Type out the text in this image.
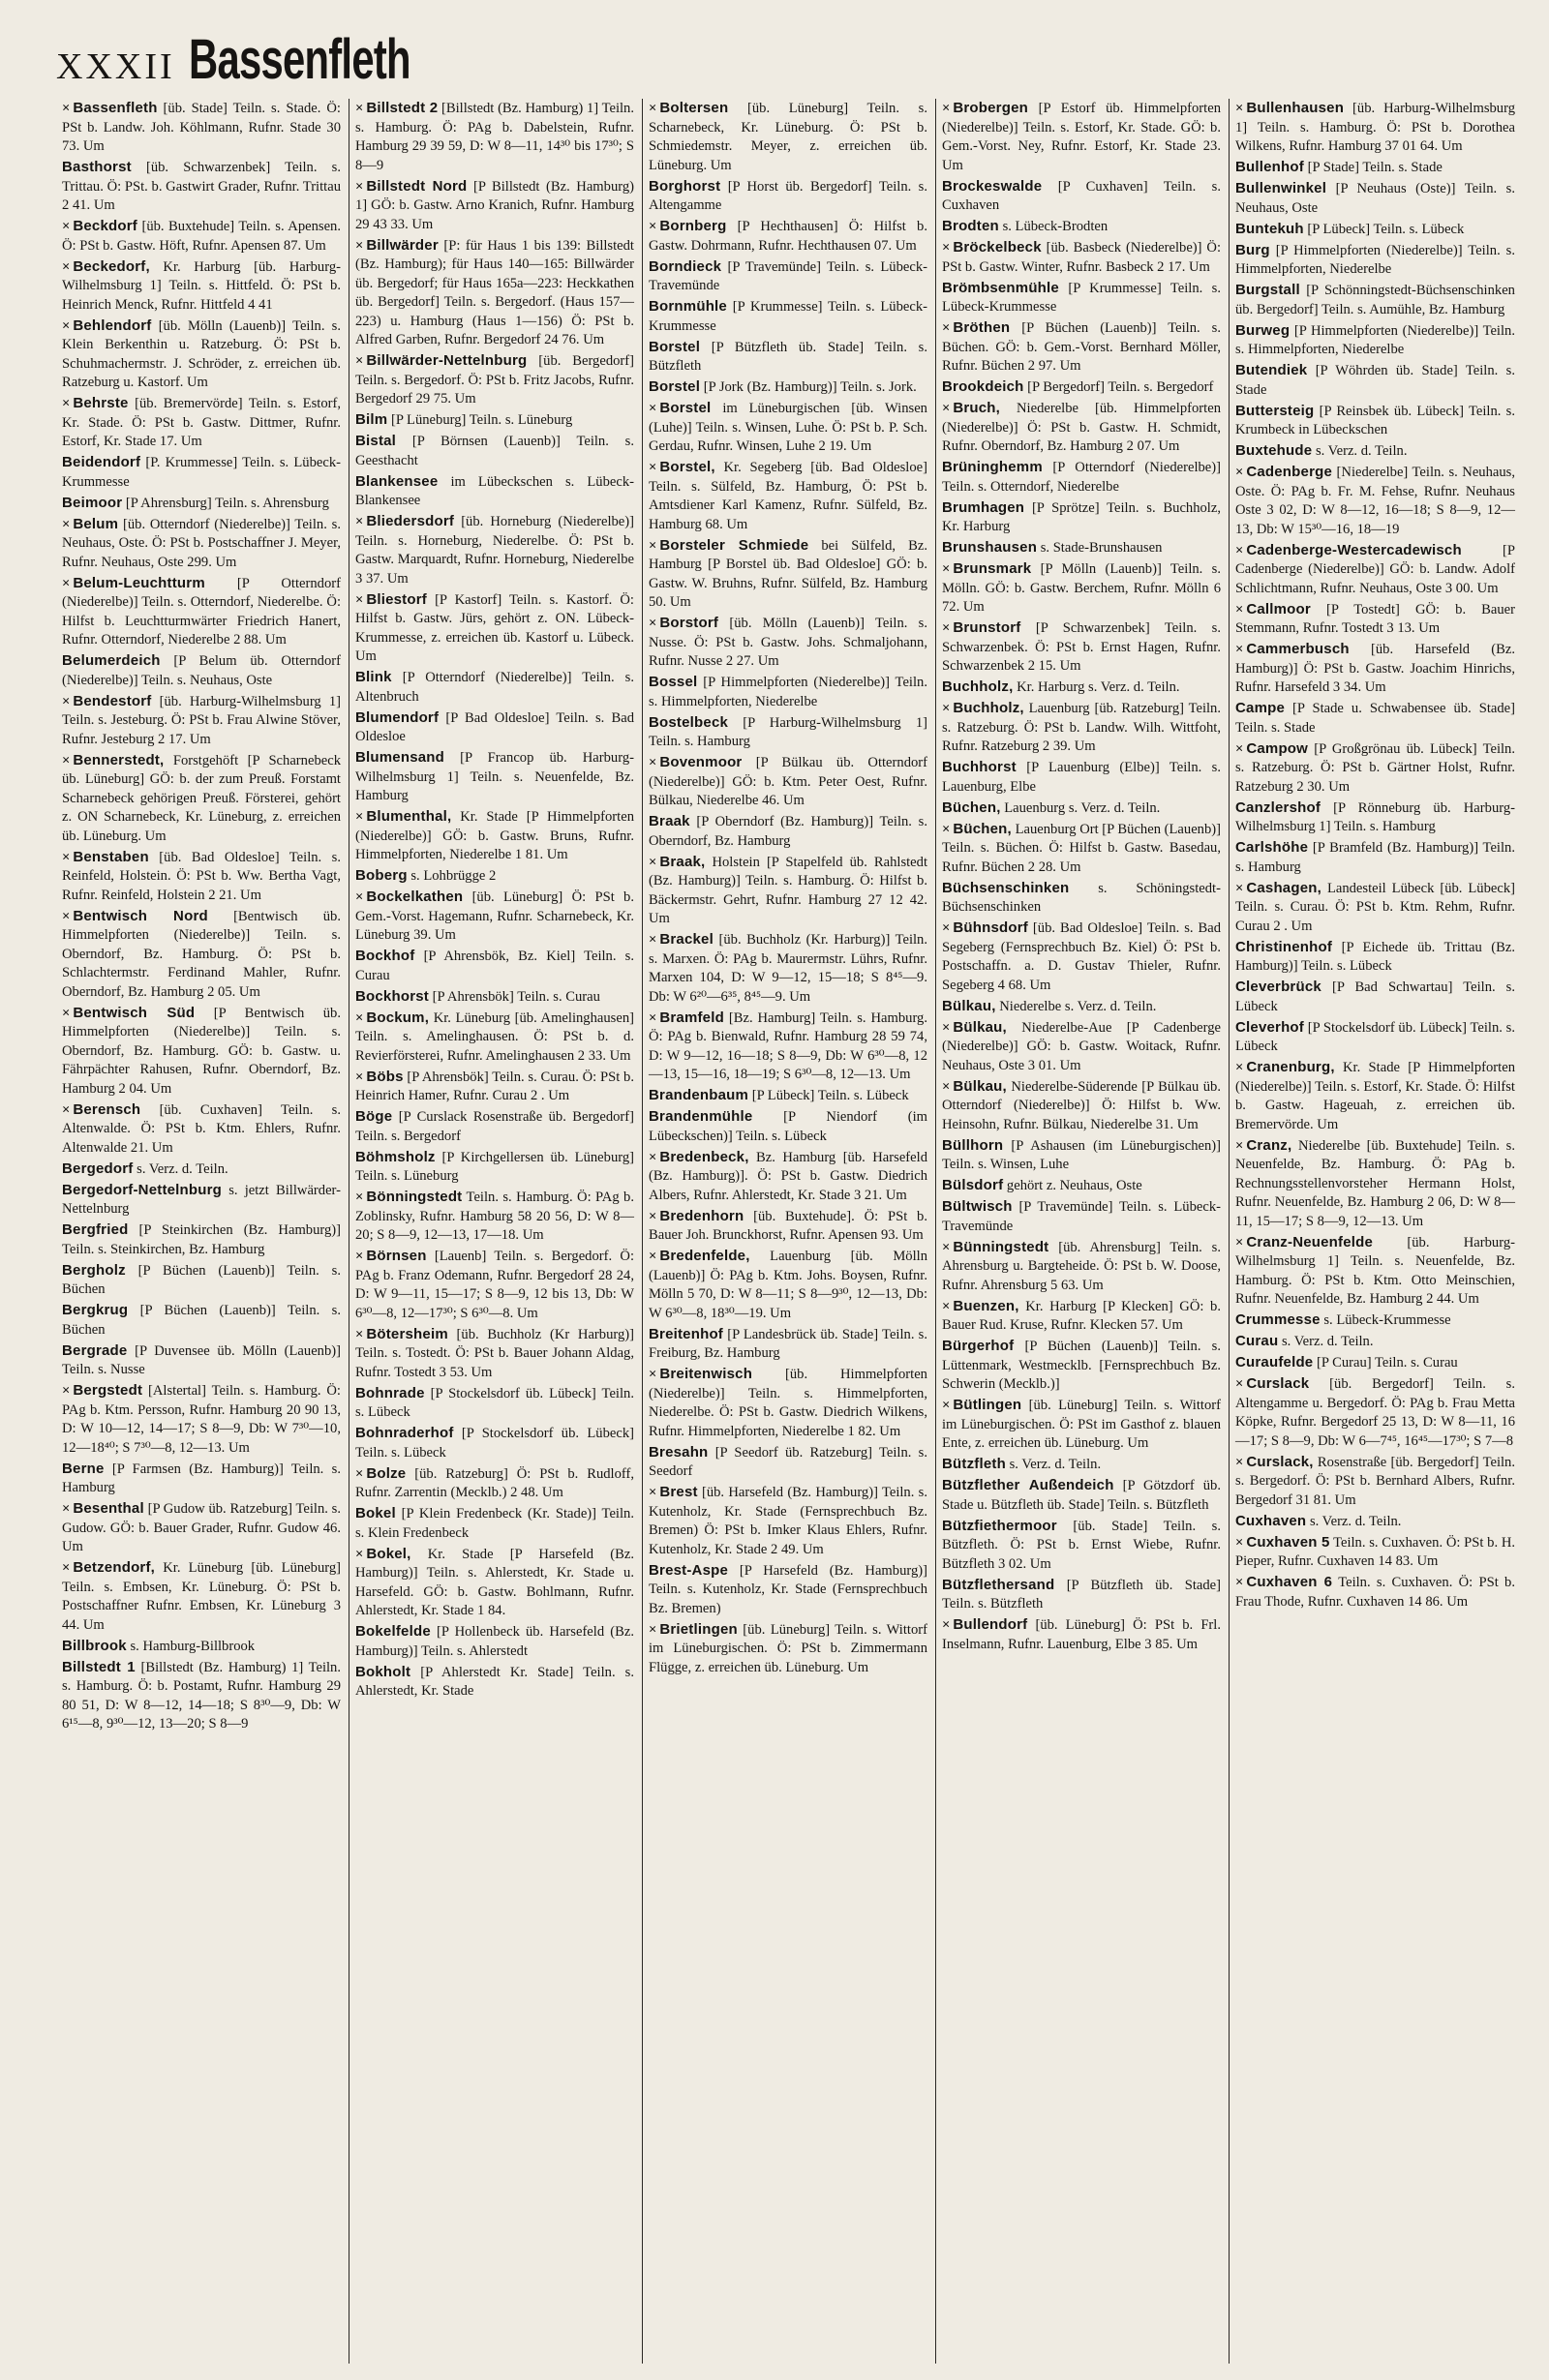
XXXII Bassenfleth
× Bassenfleth [üb. Stade] Teiln. s. Stade. Ö: PSt b. Landw. Joh. Köhlmann, Rufnr. Stade 30 73. Um
Basthorst [üb. Schwarzenbek] Teiln. s. Trittau. Ö: PSt. b. Gastwirt Grader, Rufnr. Trittau 2 41. Um
× Beckdorf [üb. Buxtehude] Teiln. s. Apensen. Ö: PSt b. Gastw. Höft, Rufnr. Apensen 87. Um
× Beckedorf, Kr. Harburg [üb. Harburg-Wilhelmsburg 1] Teiln. s. Hittfeld. Ö: PSt b. Heinrich Menck, Rufnr. Hittfeld 4 41
× Behlendorf [üb. Mölln (Lauenb)] Teiln. s. Klein Berkenthin u. Ratzeburg. Ö: PSt b. Schuhmachermstr. J. Schröder, z. erreichen üb. Ratzeburg u. Kastorf. Um
× Behrste [üb. Bremervörde] Teiln. s. Estorf, Kr. Stade. Ö: PSt b. Gastw. Dittmer, Rufnr. Estorf, Kr. Stade 17. Um
Beidendorf [P. Krummesse] Teiln. s. Lübeck-Krummesse
Beimoor [P Ahrensburg] Teiln. s. Ahrensburg
× Belum [üb. Otterndorf (Niederelbe)] Teiln. s. Neuhaus, Oste. Ö: PSt b. Postschaffner J. Meyer, Rufnr. Neuhaus, Oste 299. Um
× Belum-Leuchtturm [P Otterndorf (Niederelbe)] Teiln. s. Otterndorf, Niederelbe. Ö: Hilfst b. Leuchtturmwärter Friedrich Hanert, Rufnr. Otterndorf, Niederelbe 2 88. Um
Belumerdeich [P Belum üb. Otterndorf (Niederelbe)] Teiln. s. Neuhaus, Oste
× Bendestorf [üb. Harburg-Wilhelmsburg 1] Teiln. s. Jesteburg. Ö: PSt b. Frau Alwine Stöver, Rufnr. Jesteburg 2 17. Um
× Bennerstedt, Forstgehöft [P Scharnebeck üb. Lüneburg] GÖ: b. der zum Preuß. Forstamt Scharnebeck gehörigen Preuß. Försterei, gehört z. ON Scharnebeck, Kr. Lüneburg, z. erreichen üb. Lüneburg. Um
× Benstaben [üb. Bad Oldesloe] Teiln. s. Reinfeld, Holstein. Ö: PSt b. Ww. Bertha Vagt, Rufnr. Reinfeld, Holstein 2 21. Um
× Bentwisch Nord [Bentwisch üb. Himmelpforten (Niederelbe)] Teiln. s. Oberndorf, Bz. Hamburg. Ö: PSt b. Schlachtermstr. Ferdinand Mahler, Rufnr. Oberndorf, Bz. Hamburg 2 05. Um
× Bentwisch Süd [P Bentwisch üb. Himmelpforten (Niederelbe)] Teiln. s. Oberndorf, Bz. Hamburg. GÖ: b. Gastw. u. Fährpächter Rahusen, Rufnr. Oberndorf, Bz. Hamburg 2 04. Um
× Berensch [üb. Cuxhaven] Teiln. s. Altenwalde. Ö: PSt b. Ktm. Ehlers, Rufnr. Altenwalde 21. Um
Bergedorf s. Verz. d. Teiln.
Bergedorf-Nettelnburg s. jetzt Billwärder-Nettelnburg
Bergfried [P Steinkirchen (Bz. Hamburg)] Teiln. s. Steinkirchen, Bz. Hamburg
Bergholz [P Büchen (Lauenb)] Teiln. s. Büchen
Bergkrug [P Büchen (Lauenb)] Teiln. s. Büchen
Bergrade [P Duvensee üb. Mölln (Lauenb)] Teiln. s. Nusse
× Bergstedt [Alstertal] Teiln. s. Hamburg. Ö: PAg b. Ktm. Persson, Rufnr. Hamburg 20 90 13, D: W 10—12, 14—17; S 8—9, Db: W 7³⁰—10, 12—18⁴⁰; S 7³⁰—8, 12—13. Um
Berne [P Farmsen (Bz. Hamburg)] Teiln. s. Hamburg
× Besenthal [P Gudow üb. Ratzeburg] Teiln. s. Gudow. GÖ: b. Bauer Grader, Rufnr. Gudow 46. Um
× Betzendorf, Kr. Lüneburg [üb. Lüneburg] Teiln. s. Embsen, Kr. Lüneburg. Ö: PSt b. Postschaffner Rufnr. Embsen, Kr. Lüneburg 3 44. Um
Billbrook s. Hamburg-Billbrook
Billstedt 1 [Billstedt (Bz. Hamburg) 1] Teiln. s. Hamburg. Ö: b. Postamt, Rufnr. Hamburg 29 80 51, D: W 8—12, 14—18; S 8³⁰—9, Db: W 6¹⁵—8, 9³⁰—12, 13—20; S 8—9
× Billstedt 2 [Billstedt (Bz. Hamburg) 1] Teiln. s. Hamburg. Ö: PAg b. Dabelstein, Rufnr. Hamburg 29 39 59, D: W 8—11, 14³⁰ bis 17³⁰; S 8—9
× Billstedt Nord [P Billstedt (Bz. Hamburg) 1] GÖ: b. Gastw. Arno Kranich, Rufnr. Hamburg 29 43 33. Um
× Billwärder [P: für Haus 1 bis 139: Billstedt (Bz. Hamburg); für Haus 140—165: Billwärder üb. Bergedorf; für Haus 165a—223: Heckkathen üb. Bergedorf] Teiln. s. Bergedorf. (Haus 157—223) u. Hamburg (Haus 1—156) Ö: PSt b. Alfred Garben, Rufnr. Bergedorf 24 76. Um
× Billwärder-Nettelnburg [üb. Bergedorf] Teiln. s. Bergedorf. Ö: PSt b. Fritz Jacobs, Rufnr. Bergedorf 29 75. Um
Bilm [P Lüneburg] Teiln. s. Lüneburg
Bistal [P Börnsen (Lauenb)] Teiln. s. Geesthacht
Blankensee im Lübeckschen s. Lübeck-Blankensee
× Bliedersdorf [üb. Horneburg (Niederelbe)] Teiln. s. Horneburg, Niederelbe. Ö: PSt b. Gastw. Marquardt, Rufnr. Horneburg, Niederelbe 3 37. Um
× Bliestorf [P Kastorf] Teiln. s. Kastorf. Ö: Hilfst b. Gastw. Jürs, gehört z. ON. Lübeck-Krummesse, z. erreichen üb. Kastorf u. Lübeck. Um
Blink [P Otterndorf (Niederelbe)] Teiln. s. Altenbruch
Blumendorf [P Bad Oldesloe] Teiln. s. Bad Oldesloe
Blumensand [P Francop üb. Harburg-Wilhelmsburg 1] Teiln. s. Neuenfelde, Bz. Hamburg
× Blumenthal, Kr. Stade [P Himmelpforten (Niederelbe)] GÖ: b. Gastw. Bruns, Rufnr. Himmelpforten, Niederelbe 1 81. Um
Boberg s. Lohbrügge 2
× Bockelkathen [üb. Lüneburg] Ö: PSt b. Gem.-Vorst. Hagemann, Rufnr. Scharnebeck, Kr. Lüneburg 39. Um
Bockhof [P Ahrensbök, Bz. Kiel] Teiln. s. Curau
Bockhorst [P Ahrensbök] Teiln. s. Curau
× Bockum, Kr. Lüneburg [üb. Amelinghausen] Teiln. s. Amelinghausen. Ö: PSt b. d. Revierförsterei, Rufnr. Amelinghausen 2 33. Um
× Böbs [P Ahrensbök] Teiln. s. Curau. Ö: PSt b. Heinrich Hamer, Rufnr. Curau 2 . Um
Böge [P Curslack Rosenstraße üb. Bergedorf] Teiln. s. Bergedorf
Böhmsholz [P Kirchgellersen üb. Lüneburg] Teiln. s. Lüneburg
× Bönningstedt Teiln. s. Hamburg. Ö: PAg b. Zoblinsky, Rufnr. Hamburg 58 20 56, D: W 8—20; S 8—9, 12—13, 17—18. Um
× Börnsen [Lauenb] Teiln. s. Bergedorf. Ö: PAg b. Franz Odemann, Rufnr. Bergedorf 28 24, D: W 9—11, 15—17; S 8—9, 12 bis 13, Db: W 6³⁰—8, 12—17³⁰; S 6³⁰—8. Um
× Bötersheim [üb. Buchholz (Kr Harburg)] Teiln. s. Tostedt. Ö: PSt b. Bauer Johann Aldag, Rufnr. Tostedt 3 53. Um
Bohnrade [P Stockelsdorf üb. Lübeck] Teiln. s. Lübeck
Bohnraderhof [P Stockelsdorf üb. Lübeck] Teiln. s. Lübeck
× Bolze [üb. Ratzeburg] Ö: PSt b. Rudloff, Rufnr. Zarrentin (Mecklb.) 2 48. Um
Bokel [P Klein Fredenbeck (Kr. Stade)] Teiln. s. Klein Fredenbeck
× Bokel, Kr. Stade [P Harsefeld (Bz. Hamburg)] Teiln. s. Ahlerstedt, Kr. Stade u. Harsefeld. GÖ: b. Gastw. Bohlmann, Rufnr. Ahlerstedt, Kr. Stade 1 84.
Bokelfelde [P Hollenbeck üb. Harsefeld (Bz. Hamburg)] Teiln. s. Ahlerstedt
Bokholt [P Ahlerstedt Kr. Stade] Teiln. s. Ahlerstedt, Kr. Stade
× Boltersen [üb. Lüneburg] Teiln. s. Scharnebeck, Kr. Lüneburg. Ö: PSt b. Schmiedemstr. Meyer, z. erreichen üb. Lüneburg. Um
Borghorst [P Horst üb. Bergedorf] Teiln. s. Altengamme
× Bornberg [P Hechthausen] Ö: Hilfst b. Gastw. Dohrmann, Rufnr. Hechthausen 07. Um
Borndieck [P Travemünde] Teiln. s. Lübeck-Travemünde
Bornmühle [P Krummesse] Teiln. s. Lübeck-Krummesse
Borstel [P Bützfleth üb. Stade] Teiln. s. Bützfleth
Borstel [P Jork (Bz. Hamburg)] Teiln. s. Jork.
× Borstel im Lüneburgischen [üb. Winsen (Luhe)] Teiln. s. Winsen, Luhe. Ö: PSt b. P. Sch. Gerdau, Rufnr. Winsen, Luhe 2 19. Um
× Borstel, Kr. Segeberg [üb. Bad Oldesloe] Teiln. s. Sülfeld, Bz. Hamburg, Ö: PSt b. Amtsdiener Karl Kamenz, Rufnr. Sülfeld, Bz. Hamburg 68. Um
× Borsteler Schmiede bei Sülfeld, Bz. Hamburg [P Borstel üb. Bad Oldesloe] GÖ: b. Gastw. W. Bruhns, Rufnr. Sülfeld, Bz. Hamburg 50. Um
× Borstorf [üb. Mölln (Lauenb)] Teiln. s. Nusse. Ö: PSt b. Gastw. Johs. Schmaljohann, Rufnr. Nusse 2 27. Um
Bossel [P Himmelpforten (Niederelbe)] Teiln. s. Himmelpforten, Niederelbe
Bostelbeck [P Harburg-Wilhelmsburg 1] Teiln. s. Hamburg
× Bovenmoor [P Bülkau üb. Otterndorf (Niederelbe)] GÖ: b. Ktm. Peter Oest, Rufnr. Bülkau, Niederelbe 46. Um
Braak [P Oberndorf (Bz. Hamburg)] Teiln. s. Oberndorf, Bz. Hamburg
× Braak, Holstein [P Stapelfeld üb. Rahlstedt (Bz. Hamburg)] Teiln. s. Hamburg. Ö: Hilfst b. Bäckermstr. Gehrt, Rufnr. Hamburg 27 12 42. Um
× Brackel [üb. Buchholz (Kr. Harburg)] Teiln. s. Marxen. Ö: PAg b. Maurermstr. Lührs, Rufnr. Marxen 104, D: W 9—12, 15—18; S 8⁴⁵—9. Db: W 6²⁰—6³⁵, 8⁴⁵—9. Um
× Bramfeld [Bz. Hamburg] Teiln. s. Hamburg. Ö: PAg b. Bienwald, Rufnr. Hamburg 28 59 74, D: W 9—12, 16—18; S 8—9, Db: W 6³⁰—8, 12—13, 15—16, 18—19; S 6³⁰—8, 12—13. Um
Brandenbaum [P Lübeck] Teiln. s. Lübeck
Brandenmühle [P Niendorf (im Lübeckschen)] Teiln. s. Lübeck
× Bredenbeck, Bz. Hamburg [üb. Harsefeld (Bz. Hamburg)]. Ö: PSt b. Gastw. Diedrich Albers, Rufnr. Ahlerstedt, Kr. Stade 3 21. Um
× Bredenhorn [üb. Buxtehude]. Ö: PSt b. Bauer Joh. Brunckhorst, Rufnr. Apensen 93. Um
× Bredenfelde, Lauenburg [üb. Mölln (Lauenb)] Ö: PAg b. Ktm. Johs. Boysen, Rufnr. Mölln 5 70, D: W 8—11; S 8—9³⁰, 12—13, Db: W 6³⁰—8, 18³⁰—19. Um
Breitenhof [P Landesbrück üb. Stade] Teiln. s. Freiburg, Bz. Hamburg
× Breitenwisch [üb. Himmelpforten (Niederelbe)] Teiln. s. Himmelpforten, Niederelbe. Ö: PSt b. Gastw. Diedrich Wilkens, Rufnr. Himmelpforten, Niederelbe 1 82. Um
Bresahn [P Seedorf üb. Ratzeburg] Teiln. s. Seedorf
× Brest [üb. Harsefeld (Bz. Hamburg)] Teiln. s. Kutenholz, Kr. Stade (Fernsprechbuch Bz. Bremen) Ö: PSt b. Imker Klaus Ehlers, Rufnr. Kutenholz, Kr. Stade 2 49. Um
Brest-Aspe [P Harsefeld (Bz. Hamburg)] Teiln. s. Kutenholz, Kr. Stade (Fernsprechbuch Bz. Bremen)
× Brietlingen [üb. Lüneburg] Teiln. s. Wittorf im Lüneburgischen. Ö: PSt b. Zimmermann Flügge, z. erreichen üb. Lüneburg. Um
× Brobergen [P Estorf üb. Himmelpforten (Niederelbe)] Teiln. s. Estorf, Kr. Stade. GÖ: b. Gem.-Vorst. Ney, Rufnr. Estorf, Kr. Stade 23. Um
Brockeswalde [P Cuxhaven] Teiln. s. Cuxhaven
Brodten s. Lübeck-Brodten
× Bröckelbeck [üb. Basbeck (Niederelbe)] Ö: PSt b. Gastw. Winter, Rufnr. Basbeck 2 17. Um
Brömbsenmühle [P Krummesse] Teiln. s. Lübeck-Krummesse
× Bröthen [P Büchen (Lauenb)] Teiln. s. Büchen. GÖ: b. Gem.-Vorst. Bernhard Möller, Rufnr. Büchen 2 97. Um
Brookdeich [P Bergedorf] Teiln. s. Bergedorf
× Bruch, Niederelbe [üb. Himmelpforten (Niederelbe)] Ö: PSt b. Gastw. H. Schmidt, Rufnr. Oberndorf, Bz. Hamburg 2 07. Um
Brüninghemm [P Otterndorf (Niederelbe)] Teiln. s. Otterndorf, Niederelbe
Brumhagen [P Sprötze] Teiln. s. Buchholz, Kr. Harburg
Brunshausen s. Stade-Brunshausen
× Brunsmark [P Mölln (Lauenb)] Teiln. s. Mölln. GÖ: b. Gastw. Berchem, Rufnr. Mölln 6 72. Um
× Brunstorf [P Schwarzenbek] Teiln. s. Schwarzenbek. Ö: PSt b. Ernst Hagen, Rufnr. Schwarzenbek 2 15. Um
Buchholz, Kr. Harburg s. Verz. d. Teiln.
× Buchholz, Lauenburg [üb. Ratzeburg] Teiln. s. Ratzeburg. Ö: PSt b. Landw. Wilh. Wittfoht, Rufnr. Ratzeburg 2 39. Um
Buchhorst [P Lauenburg (Elbe)] Teiln. s. Lauenburg, Elbe
Büchen, Lauenburg s. Verz. d. Teiln.
× Büchen, Lauenburg Ort [P Büchen (Lauenb)] Teiln. s. Büchen. Ö: Hilfst b. Gastw. Basedau, Rufnr. Büchen 2 28. Um
Büchsenschinken s. Schöningstedt-Büchsenschinken
× Bühnsdorf [üb. Bad Oldesloe] Teiln. s. Bad Segeberg (Fernsprechbuch Bz. Kiel) Ö: PSt b. Postschaffn. a. D. Gustav Thieler, Rufnr. Segeberg 4 68. Um
Bülkau, Niederelbe s. Verz. d. Teiln.
× Bülkau, Niederelbe-Aue [P Cadenberge (Niederelbe)] GÖ: b. Gastw. Woitack, Rufnr. Neuhaus, Oste 3 01. Um
× Bülkau, Niederelbe-Süderende [P Bülkau üb. Otterndorf (Niederelbe)] Ö: Hilfst b. Ww. Heinsohn, Rufnr. Bülkau, Niederelbe 31. Um
Büllhorn [P Ashausen (im Lüneburgischen)] Teiln. s. Winsen, Luhe
Bülsdorf gehört z. Neuhaus, Oste
Bültwisch [P Travemünde] Teiln. s. Lübeck-Travemünde
× Bünningstedt [üb. Ahrensburg] Teiln. s. Ahrensburg u. Bargteheide. Ö: PSt b. W. Doose, Rufnr. Ahrensburg 5 63. Um
× Buenzen, Kr. Harburg [P Klecken] GÖ: b. Bauer Rud. Kruse, Rufnr. Klecken 57. Um
Bürgerhof [P Büchen (Lauenb)] Teiln. s. Lüttenmark, Westmecklb. [Fernsprechbuch Bz. Schwerin (Mecklb.)]
× Bütlingen [üb. Lüneburg] Teiln. s. Wittorf im Lüneburgischen. Ö: PSt im Gasthof z. blauen Ente, z. erreichen üb. Lüneburg. Um
Bützfleth s. Verz. d. Teiln.
Bützflether Außendeich [P Götzdorf üb. Stade u. Bützfleth üb. Stade] Teiln. s. Bützfleth
Bützfiethermoor [üb. Stade] Teiln. s. Bützfleth. Ö: PSt b. Ernst Wiebe, Rufnr. Bützfleth 3 02. Um
Bützflethersand [P Bützfleth üb. Stade] Teiln. s. Bützfleth
× Bullendorf [üb. Lüneburg] Ö: PSt b. Frl. Inselmann, Rufnr. Lauenburg, Elbe 3 85. Um
× Bullenhausen [üb. Harburg-Wilhelmsburg 1] Teiln. s. Hamburg. Ö: PSt b. Dorothea Wilkens, Rufnr. Hamburg 37 01 64. Um
Bullenhof [P Stade] Teiln. s. Stade
Bullenwinkel [P Neuhaus (Oste)] Teiln. s. Neuhaus, Oste
Buntekuh [P Lübeck] Teiln. s. Lübeck
Burg [P Himmelpforten (Niederelbe)] Teiln. s. Himmelpforten, Niederelbe
Burgstall [P Schönningstedt-Büchsenschinken üb. Bergedorf] Teiln. s. Aumühle, Bz. Hamburg
Burweg [P Himmelpforten (Niederelbe)] Teiln. s. Himmelpforten, Niederelbe
Butendiek [P Wöhrden üb. Stade] Teiln. s. Stade
Buttersteig [P Reinsbek üb. Lübeck] Teiln. s. Krumbeck in Lübeckschen
Buxtehude s. Verz. d. Teiln.
× Cadenberge [Niederelbe] Teiln. s. Neuhaus, Oste. Ö: PAg b. Fr. M. Fehse, Rufnr. Neuhaus Oste 3 02, D: W 8—12, 16—18; S 8—9, 12—13, Db: W 15³⁰—16, 18—19
× Cadenberge-Westercadewisch	[P Cadenberge (Niederelbe)] GÖ: b. Landw. Adolf Schlichtmann, Rufnr. Neuhaus, Oste 3 00. Um
× Callmoor [P Tostedt] GÖ: b. Bauer Stemmann, Rufnr. Tostedt 3 13. Um
× Cammerbusch [üb. Harsefeld (Bz. Hamburg)] Ö: PSt b. Gastw. Joachim Hinrichs, Rufnr. Harsefeld 3 34. Um
Campe [P Stade u. Schwabensee üb. Stade] Teiln. s. Stade
× Campow [P Großgrönau üb. Lübeck] Teiln. s. Ratzeburg. Ö: PSt b. Gärtner Holst, Rufnr. Ratzeburg 2 30. Um
Canzlershof [P Rönneburg üb. Harburg-Wilhelmsburg 1] Teiln. s. Hamburg
Carlshöhe [P Bramfeld (Bz. Hamburg)] Teiln. s. Hamburg
× Cashagen, Landesteil Lübeck [üb. Lübeck] Teiln. s. Curau. Ö: PSt b. Ktm. Rehm, Rufnr. Curau 2 . Um
Christinenhof [P Eichede üb. Trittau (Bz. Hamburg)] Teiln. s. Lübeck
Cleverbrück [P Bad Schwartau] Teiln. s. Lübeck
Cleverhof [P Stockelsdorf üb. Lübeck] Teiln. s. Lübeck
× Cranenburg, Kr. Stade [P Himmelpforten (Niederelbe)] Teiln. s. Estorf, Kr. Stade. Ö: Hilfst b. Gastw. Hageuah, z. erreichen üb. Bremervörde. Um
× Cranz, Niederelbe [üb. Buxtehude] Teiln. s. Neuenfelde, Bz. Hamburg. Ö: PAg b. Rechnungsstellenvorsteher Hermann Holst, Rufnr. Neuenfelde, Bz. Hamburg 2 06, D: W 8—11, 15—17; S 8—9, 12—13. Um
× Cranz-Neuenfelde [üb. Harburg-Wilhelmsburg 1] Teiln. s. Neuenfelde, Bz. Hamburg. Ö: PSt b. Ktm. Otto Meinschien, Rufnr. Neuenfelde, Bz. Hamburg 2 44. Um
Crummesse s. Lübeck-Krummesse
Curau s. Verz. d. Teiln.
Curaufelde [P Curau] Teiln. s. Curau
× Curslack [üb. Bergedorf] Teiln. s. Altengamme u. Bergedorf. Ö: PAg b. Frau Metta Köpke, Rufnr. Bergedorf 25 13, D: W 8—11, 16—17; S 8—9, Db: W 6—7⁴⁵, 16⁴⁵—17³⁰; S 7—8
× Curslack, Rosenstraße [üb. Bergedorf] Teiln. s. Bergedorf. Ö: PSt b. Bernhard Albers, Rufnr. Bergedorf 31 81. Um
Cuxhaven s. Verz. d. Teiln.
× Cuxhaven 5 Teiln. s. Cuxhaven. Ö: PSt b. H. Pieper, Rufnr. Cuxhaven 14 83. Um
× Cuxhaven 6 Teiln. s. Cuxhaven. Ö: PSt b. Frau Thode, Rufnr. Cuxhaven 14 86. Um
